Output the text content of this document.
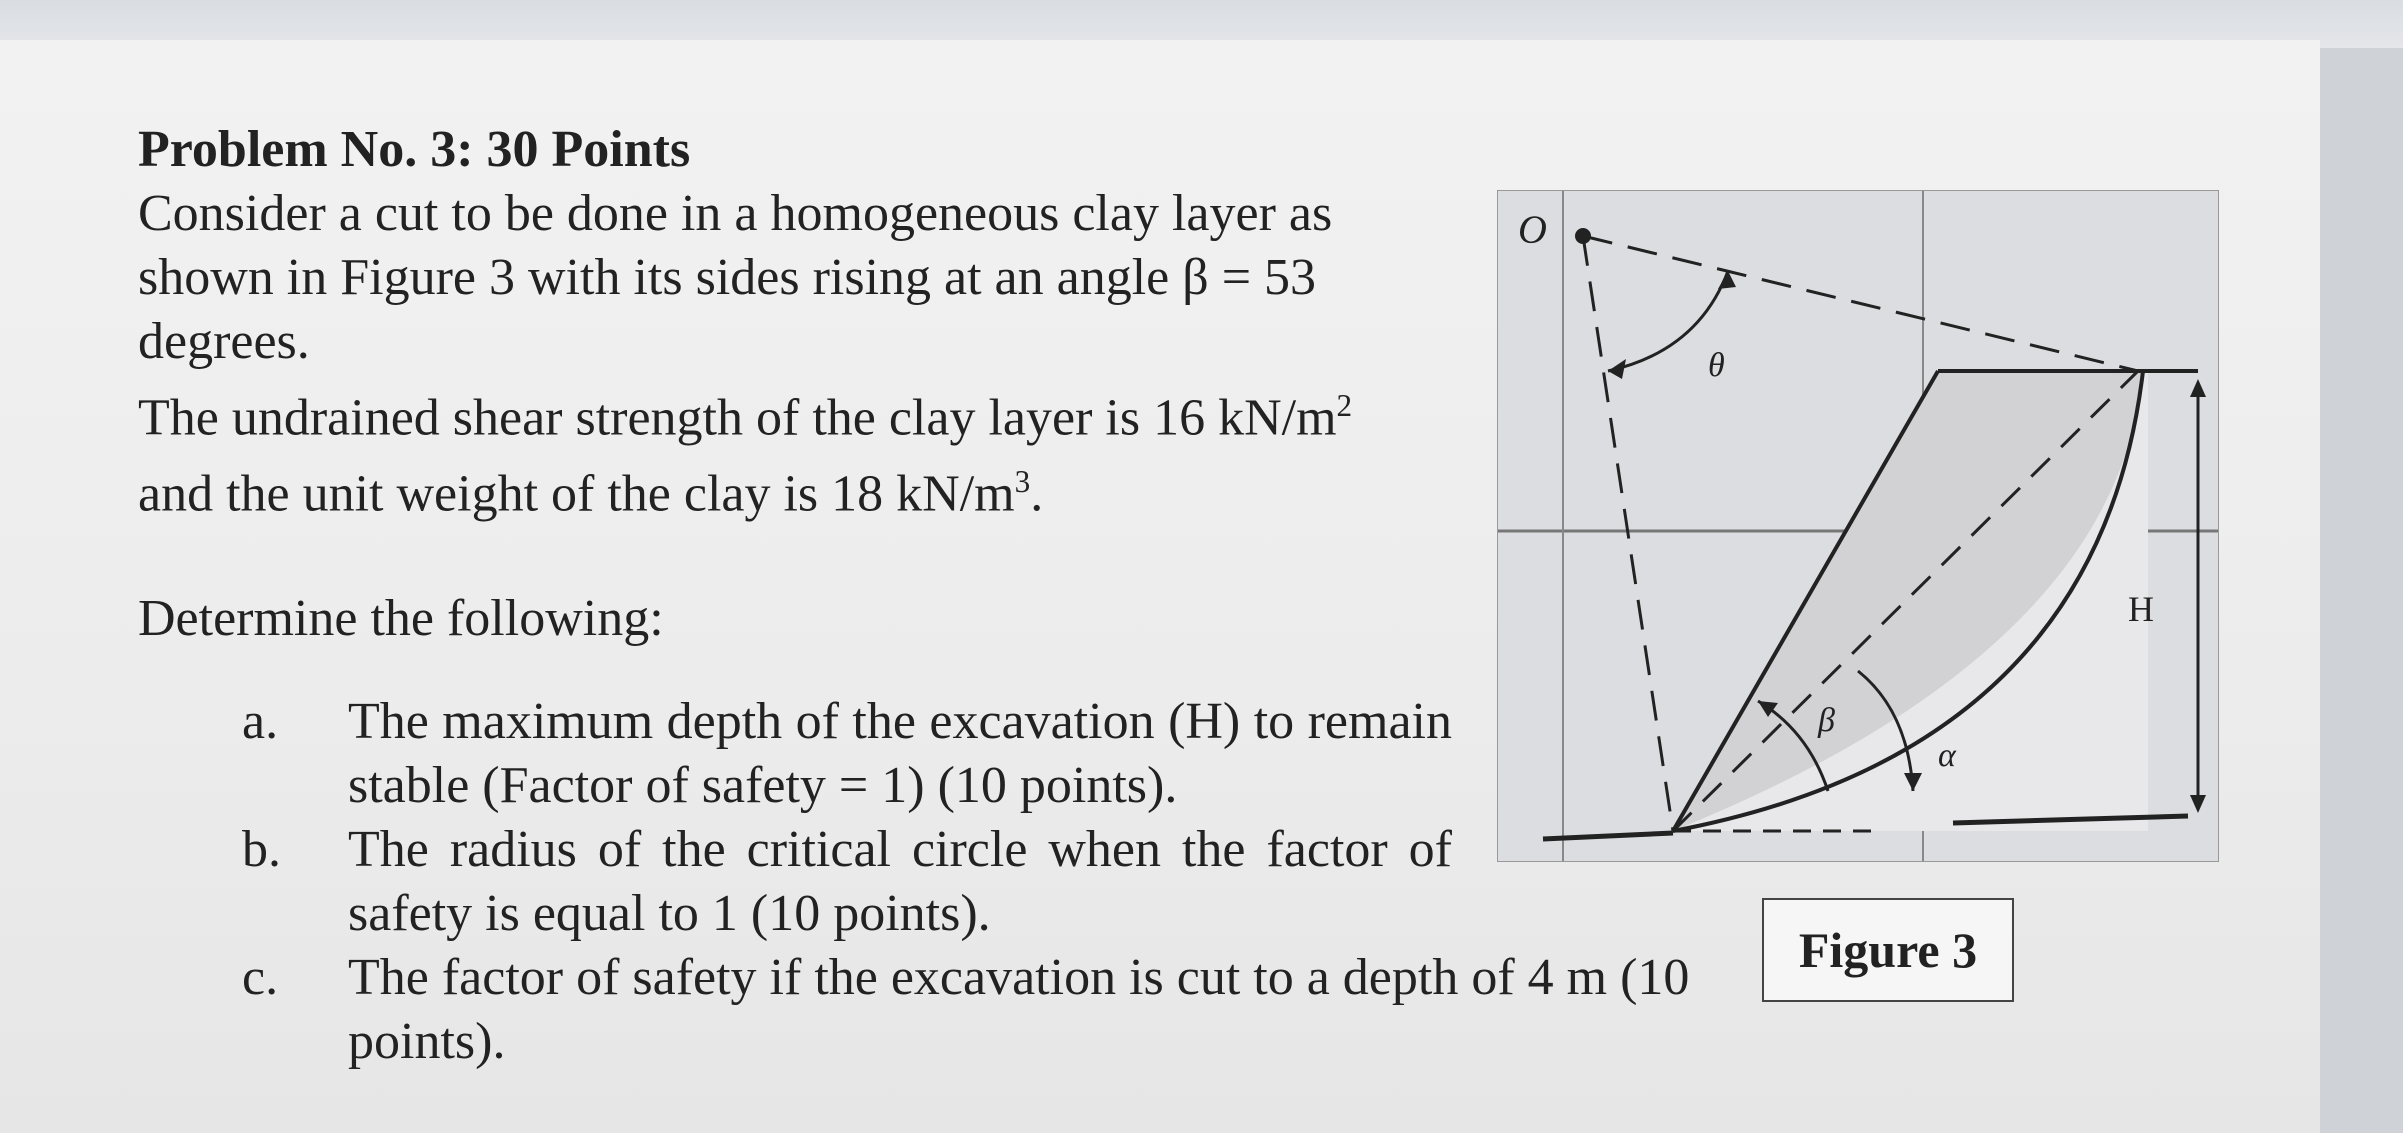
Problem No. 3: 30 Points

Consider a cut to be done in a homogeneous clay layer as shown in Figure 3 with its sides rising at an angle β = 53 degrees.

The undrained shear strength of the clay layer is 16 $kN/m^2$ and the unit weight of the clay is 18 $kN/m^3$.

Determine the following:

a.	The maximum depth of the excavation (H) to remain stable (Factor of safety = 1) (10 points).
b.	The radius of the critical circle when the factor of safety is equal to 1 (10 points).
c.	The factor of safety if the excavation is cut to a depth of 4 m (10 points).
O
θ
β
α
H
Figure 3
